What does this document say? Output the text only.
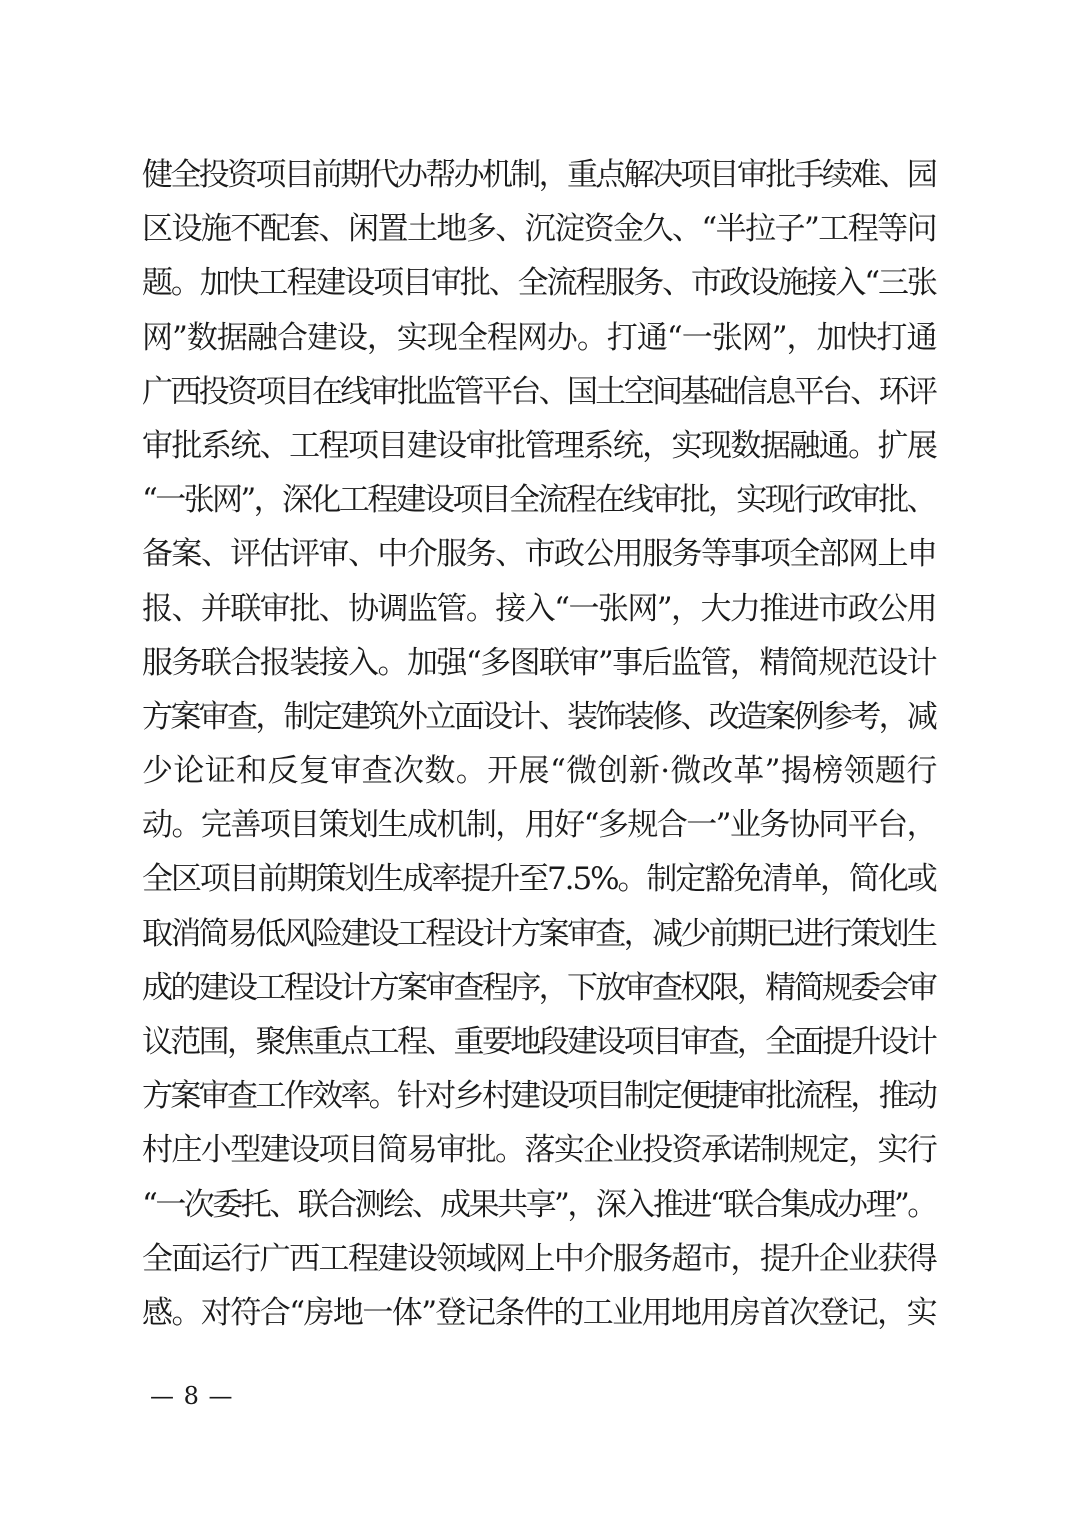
健全投资项目前期代办帮办机制，重点解决项目审批手续难、园
区设施不配套、闲置土地多、沉淀资金久、“半拉子”工程等问
题。加快工程建设项目审批、全流程服务、市政设施接入“三张
网”数据融合建设，实现全程网办。打通“一张网”，加快打通
广西投资项目在线审批监管平台、国土空间基础信息平台、环评
审批系统、工程项目建设审批管理系统，实现数据融通。扩展
“一张网”，深化工程建设项目全流程在线审批，实现行政审批、
备案、评估评审、中介服务、市政公用服务等事项全部网上申
报、并联审批、协调监管。接入“一张网”，大力推进市政公用
服务联合报装接入。加强“多图联审”事后监管，精简规范设计
方案审查，制定建筑外立面设计、装饰装修、改造案例参考，减
少论证和反复审查次数。开展“微创新·微改革”揭榜领题行
动。完善项目策划生成机制，用好“多规合一”业务协同平台，
全区项目前期策划生成率提升至7.5%。制定豁免清单，简化或
取消简易低风险建设工程设计方案审查，减少前期已进行策划生
成的建设工程设计方案审查程序，下放审查权限，精简规委会审
议范围，聚焦重点工程、重要地段建设项目审查，全面提升设计
方案审查工作效率。针对乡村建设项目制定便捷审批流程，推动
村庄小型建设项目简易审批。落实企业投资承诺制规定，实行
“一次委托、联合测绘、成果共享”，深入推进“联合集成办理”。
全面运行广西工程建设领域网上中介服务超市，提升企业获得
感。对符合“房地一体”登记条件的工业用地用房首次登记，实
— 8 —
